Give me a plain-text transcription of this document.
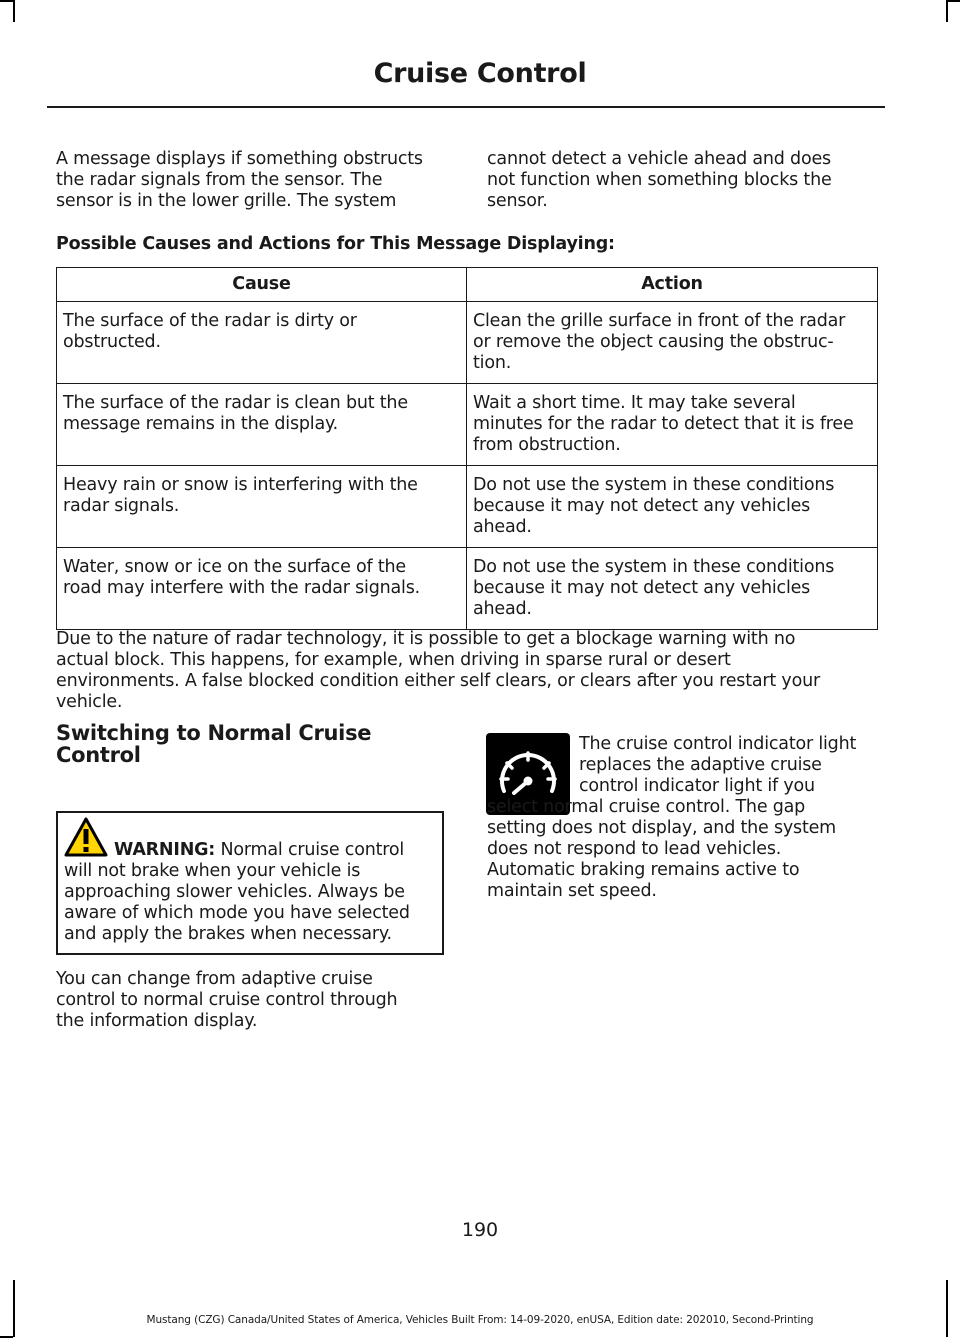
Cruise Control

A message displays if something obstructs
the radar signals from the sensor. The
sensor is in the lower grille. The system

cannot detect a vehicle ahead and does
not function when something blocks the
sensor.

Possible Causes and Actions for This Message Displaying:

Cause	Action
The surface of the radar is dirty or
obstructed.	Clean the grille surface in front of the radar
or remove the object causing the obstruc-
tion.
The surface of the radar is clean but the
message remains in the display.	Wait a short time. It may take several
minutes for the radar to detect that it is free
from obstruction.
Heavy rain or snow is interfering with the
radar signals.	Do not use the system in these conditions
because it may not detect any vehicles
ahead.
Water, snow or ice on the surface of the
road may interfere with the radar signals.	Do not use the system in these conditions
because it may not detect any vehicles
ahead.

Due to the nature of radar technology, it is possible to get a blockage warning with no
actual block. This happens, for example, when driving in sparse rural or desert
environments. A false blocked condition either self clears, or clears after you restart your
vehicle.

Switching to Normal Cruise
Control

WARNING: Normal cruise control
will not brake when your vehicle is
approaching slower vehicles. Always be
aware of which mode you have selected
and apply the brakes when necessary.

You can change from adaptive cruise
control to normal cruise control through
the information display.

The cruise control indicator light
replaces the adaptive cruise
control indicator light if you
select normal cruise control. The gap
setting does not display, and the system
does not respond to lead vehicles.
Automatic braking remains active to
maintain set speed.

190
Mustang (CZG) Canada/United States of America, Vehicles Built From: 14-09-2020, enUSA, Edition date: 202010, Second-Printing
